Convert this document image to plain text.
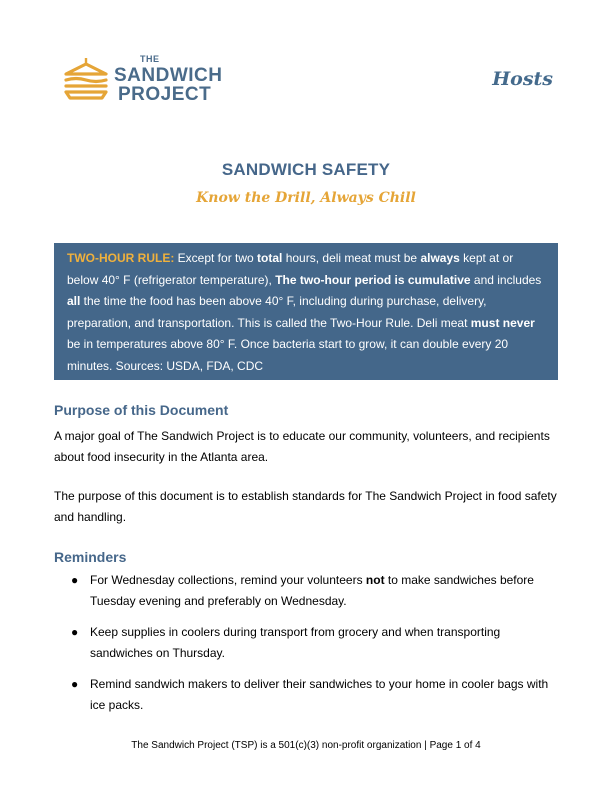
THE
SANDWICH
PROJECT
Hosts
SANDWICH SAFETY
Know the Drill, Always Chill
TWO-HOUR RULE: Except for two total hours, deli meat must be always kept at or below 40° F (refrigerator temperature), The two-hour period is cumulative and includes all the time the food has been above 40° F, including during purchase, delivery, preparation, and transportation. This is called the Two-Hour Rule. Deli meat must never be in temperatures above 80° F. Once bacteria start to grow, it can double every 20 minutes. Sources: USDA, FDA, CDC
Purpose of this Document
A major goal of The Sandwich Project is to educate our community, volunteers, and recipients about food insecurity in the Atlanta area.
The purpose of this document is to establish standards for The Sandwich Project in food safety and handling.
Reminders
● For Wednesday collections, remind your volunteers not to make sandwiches before Tuesday evening and preferably on Wednesday.
● Keep supplies in coolers during transport from grocery and when transporting sandwiches on Thursday.
● Remind sandwich makers to deliver their sandwiches to your home in cooler bags with ice packs.
The Sandwich Project (TSP) is a 501(c)(3) non-profit organization | Page 1 of 4
